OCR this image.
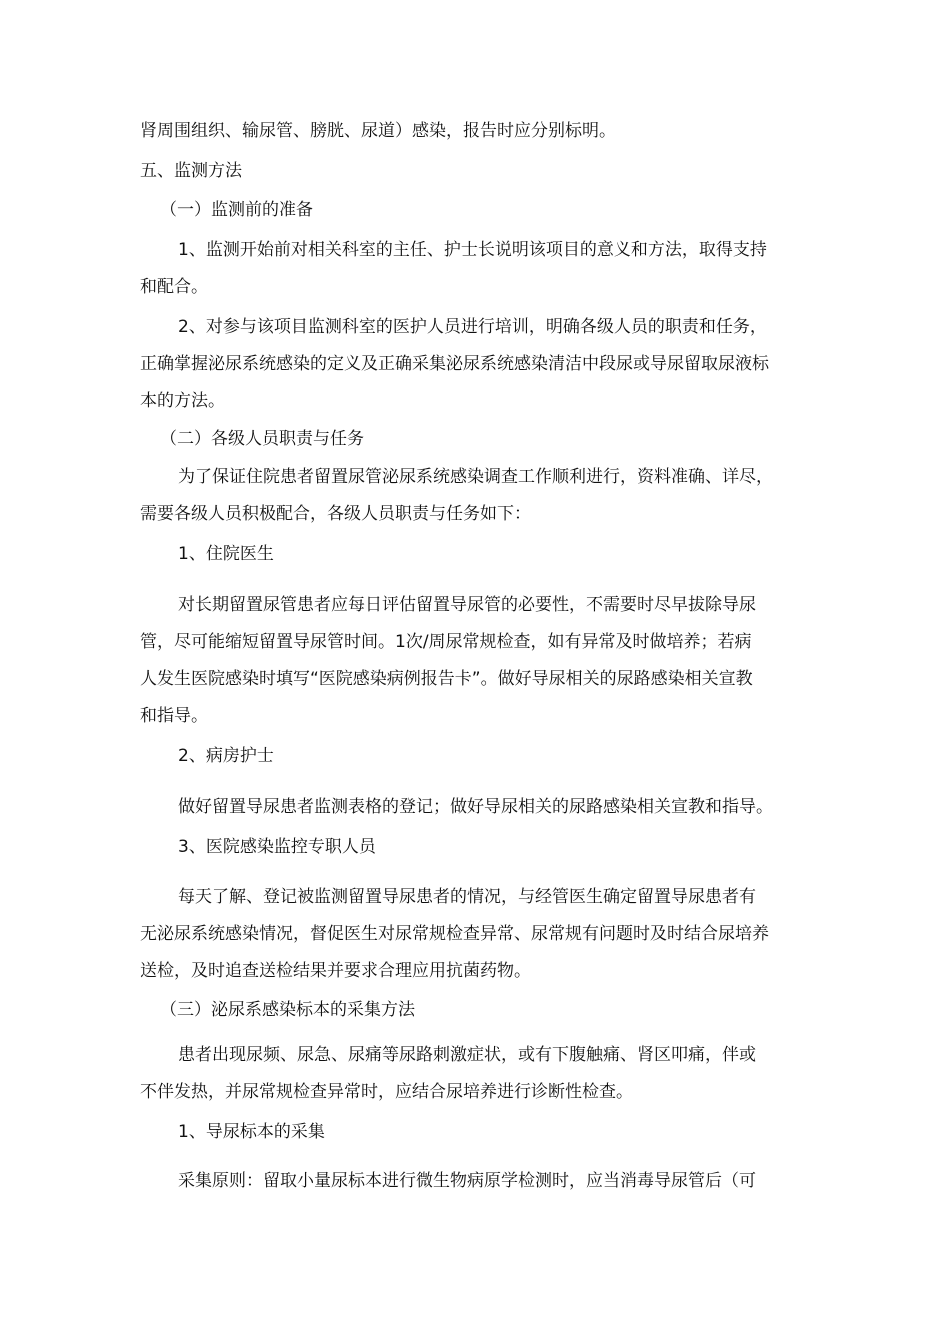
肾周围组织、输尿管、膀胱、尿道）感染，报告时应分别标明。
五、监测方法
（一）监测前的准备
1、监测开始前对相关科室的主任、护士长说明该项目的意义和方法，取得支持
和配合。
2、对参与该项目监测科室的医护人员进行培训，明确各级人员的职责和任务，
正确掌握泌尿系统感染的定义及正确采集泌尿系统感染清洁中段尿或导尿留取尿液标
本的方法。
（二）各级人员职责与任务
为了保证住院患者留置尿管泌尿系统感染调查工作顺利进行，资料准确、详尽，
需要各级人员积极配合，各级人员职责与任务如下：
1、住院医生
对长期留置尿管患者应每日评估留置导尿管的必要性，不需要时尽早拔除导尿
管，尽可能缩短留置导尿管时间。1次/周尿常规检查，如有异常及时做培养；若病
人发生医院感染时填写“医院感染病例报告卡”。做好导尿相关的尿路感染相关宣教
和指导。
2、病房护士
做好留置导尿患者监测表格的登记；做好导尿相关的尿路感染相关宣教和指导。
3、医院感染监控专职人员
每天了解、登记被监测留置导尿患者的情况，与经管医生确定留置导尿患者有
无泌尿系统感染情况，督促医生对尿常规检查异常、尿常规有问题时及时结合尿培养
送检，及时追查送检结果并要求合理应用抗菌药物。
（三）泌尿系感染标本的采集方法
患者出现尿频、尿急、尿痛等尿路刺激症状，或有下腹触痛、肾区叩痛，伴或
不伴发热，并尿常规检查异常时，应结合尿培养进行诊断性检查。
1、导尿标本的采集
采集原则：留取小量尿标本进行微生物病原学检测时，应当消毒导尿管后（可
